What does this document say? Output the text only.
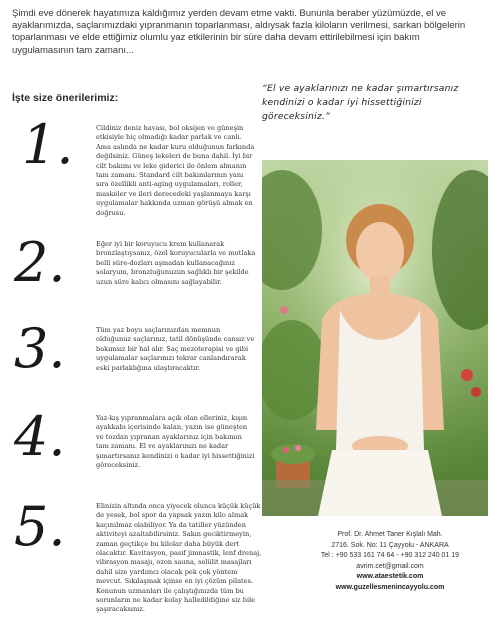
Şimdi eve dönerek hayatımıza kaldığımız yerden devam etme vakti. Bununla beraber yüzümüzde, el ve ayaklarımızda, saçlarımızdaki yıpranmanın toparlanması, aldıysak fazla kiloların verilmesi, sarkan bölgelerin toparlanması ve elde ettiğimiz olumlu yaz etkilerinin bir süre daha devam ettirilebilmesi için bakım uygulamasının tam zamanı...
İşte size önerilerimiz:
“El ve ayaklarınızı ne kadar şımartırsanız kendinizi o kadar iyi hissettiğinizi göreceksiniz.”
1.	Cildiniz deniz havası, bol oksijen ve güneşin etkisiyle hiç olmadığı kadar parlak ve canlı. Ama aslında ne kadar kuru olduğunun farkında değilsiniz. Güneş lekeleri de buna dahil. İyi bir cilt bakımı ve leke giderici ile önlem almanın tam zamanı. Standard cilt bakımlarının yanı sıra özellikli anti-aging uygulamaları, roller, maskeler ve ileri derecedeki yaşlanmaya karşı uygulamalar hakkında uzman görüşü almak en doğrusu.
2.	Eğer iyi bir koruyucu krem kullanarak bronzlaştıysanız, özel koruyucularla ve mutlaka belli süre-dozları aşmadan kullanacağınız solaryum, bronzluğunuzun sağlıklı bir şekilde uzun süre kalıcı olmasını sağlayabilir.
3.	Tüm yaz boyu saçlarınızdan memnun olduğunuz saçlarınız, tatil dönüşünde cansız ve bakımsız bir hal alır. Saç mezoterapisi ve gibi uygulamalar saçlarınızı tekrar canlandırarak eski parlaklığına ulaştıracaktır.
4.	Yaz-kış yıpranmalara açık olan elleriniz, kışın ayakkabı içerisinde kalan, yazın ise güneşten ve tozdan yıpranan ayaklarınız için bakımın tam zamanı. El ve ayaklarınızı ne kadar şımartırsanız kendinizi o kadar iyi hissettiğinizi göreceksiniz.
5.	Elinizin altında onca yiyecek olunca küçük küçük de yesek, bol spor da yapsak yazın kilo almak kaçınılmaz olabiliyor. Ya da tatiller yüzünden aktiviteyi azaltabilirsiniz. Sakın geciktirmeyin, zaman geçtikçe bu kilolar daha büyük dert olacaktır. Kavitasyon, pasif jimnastik, lenf drenaj, vibrasyon masajı, ozon sauna, selülit masajları dahil size yardımcı olacak pek çok yöntem mevcut. Sıkılaşmak içinse en iyi çözüm pilates. Konunun uzmanları ile çalıştığınızda tüm bu sorunların ne kadar kolay halledildiğine siz bile şaşıracaksınız.
Prof. Dr. Ahmet Taner Kışlalı Mah.
2716. Sok. No: 11 Çayyolu - ANKARA
Tel : +90 533 161 74 64 - +90 312 240 01 19
avrim.cet@gmail.com
www.ataestetik.com
www.guzellesmenincayyolu.com
